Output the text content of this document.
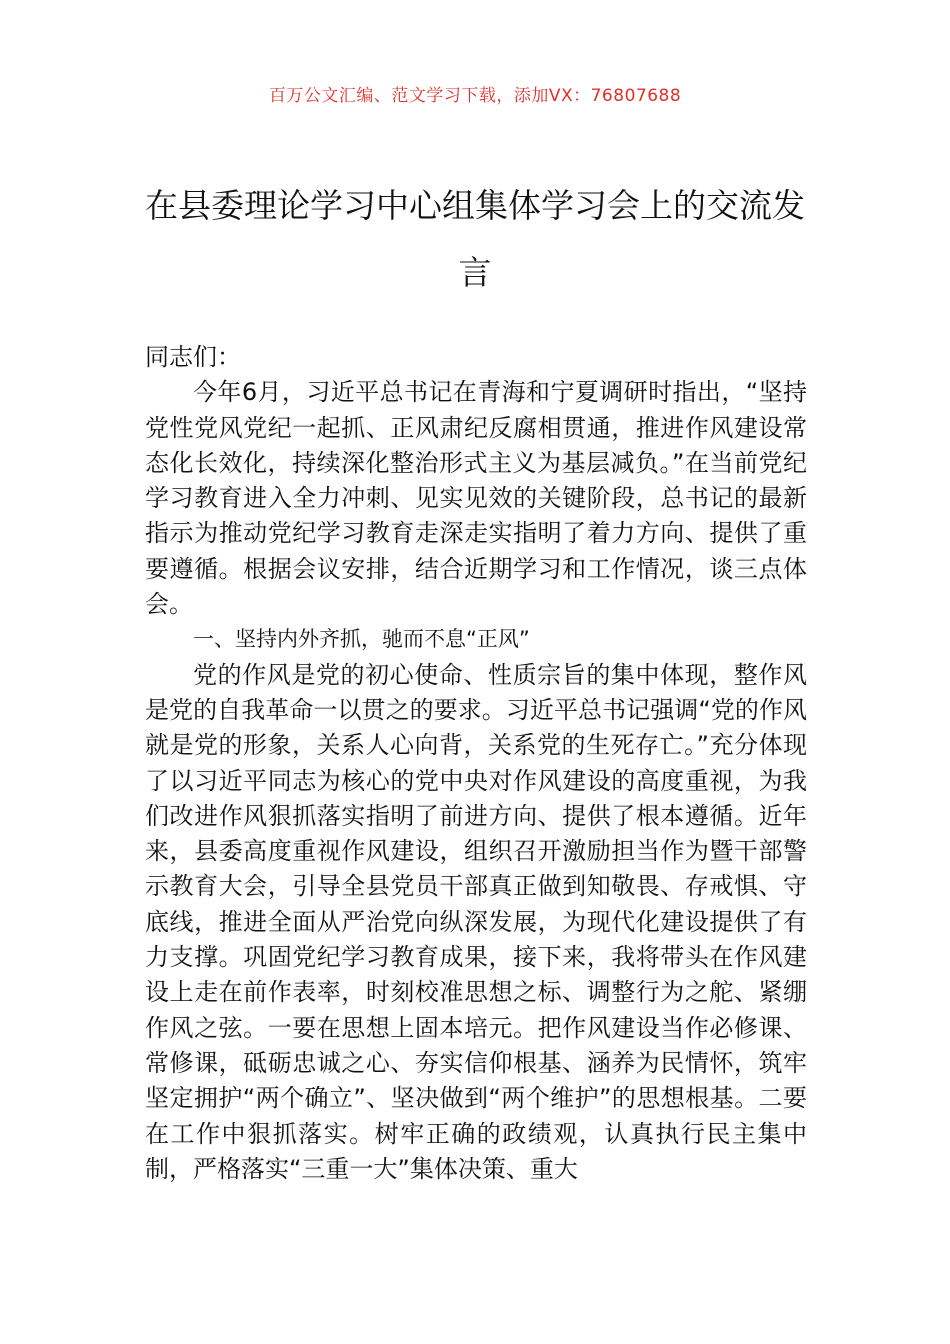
百万公文汇编、范文学习下载，添加VX：76807688
在县委理论学习中心组集体学习会上的交流发言

同志们：

今年6月，习近平总书记在青海和宁夏调研时指出，“坚持党性党风党纪一起抓、正风肃纪反腐相贯通，推进作风建设常态化长效化，持续深化整治形式主义为基层减负。”在当前党纪学习教育进入全力冲刺、见实见效的关键阶段，总书记的最新指示为推动党纪学习教育走深走实指明了着力方向、提供了重要遵循。根据会议安排，结合近期学习和工作情况，谈三点体会。

一、坚持内外齐抓，驰而不息“正风”

党的作风是党的初心使命、性质宗旨的集中体现，整作风是党的自我革命一以贯之的要求。习近平总书记强调“党的作风就是党的形象，关系人心向背，关系党的生死存亡。”充分体现了以习近平同志为核心的党中央对作风建设的高度重视，为我们改进作风狠抓落实指明了前进方向、提供了根本遵循。近年来，县委高度重视作风建设，组织召开激励担当作为暨干部警示教育大会，引导全县党员干部真正做到知敬畏、存戒惧、守底线，推进全面从严治党向纵深发展，为现代化建设提供了有力支撑。巩固党纪学习教育成果，接下来，我将带头在作风建设上走在前作表率，时刻校准思想之标、调整行为之舵、紧绷作风之弦。一要在思想上固本培元。把作风建设当作必修课、常修课，砥砺忠诚之心、夯实信仰根基、涵养为民情怀，筑牢坚定拥护“两个确立”、坚决做到“两个维护”的思想根基。二要在工作中狠抓落实。树牢正确的政绩观，认真执行民主集中制，严格落实“三重一大”集体决策、重大
